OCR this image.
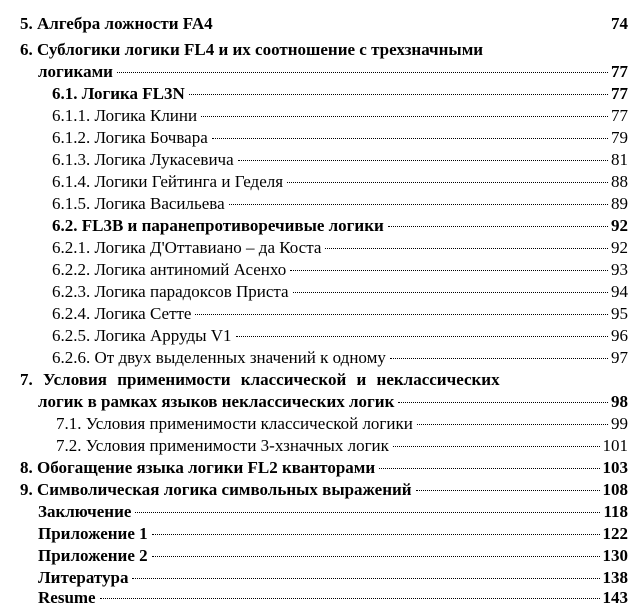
5. Алгебра ложности FA4	74
6. Сублогики логики FL4 и их соотношение с трехзначными
логиками	77
6.1. Логика FL3N	77
6.1.1. Логика Клини	77
6.1.2. Логика Бочвара	79
6.1.3. Логика Лукасевича	81
6.1.4. Логики Гейтинга и Геделя	88
6.1.5. Логика Васильева	89
6.2. FL3B и паранепротиворечивые логики	92
6.2.1. Логика Д'Оттавиано – да Коста	92
6.2.2. Логика антиномий Асенхо	93
6.2.3. Логика парадоксов Приста	94
6.2.4. Логика Сетте	95
6.2.5. Логика Арруды V1	96
6.2.6. От двух выделенных значений к одному	97
7. Условия применимости классической и неклассических
логик в рамках языков неклассических логик	98
7.1. Условия применимости классической логики	99
7.2. Условия применимости 3-хзначных логик	101
8. Обогащение языка логики FL2 кванторами	103
9. Символическая логика символьных выражений	108
Заключение	118
Приложение 1	122
Приложение 2	130
Литература	138
Resume	143
